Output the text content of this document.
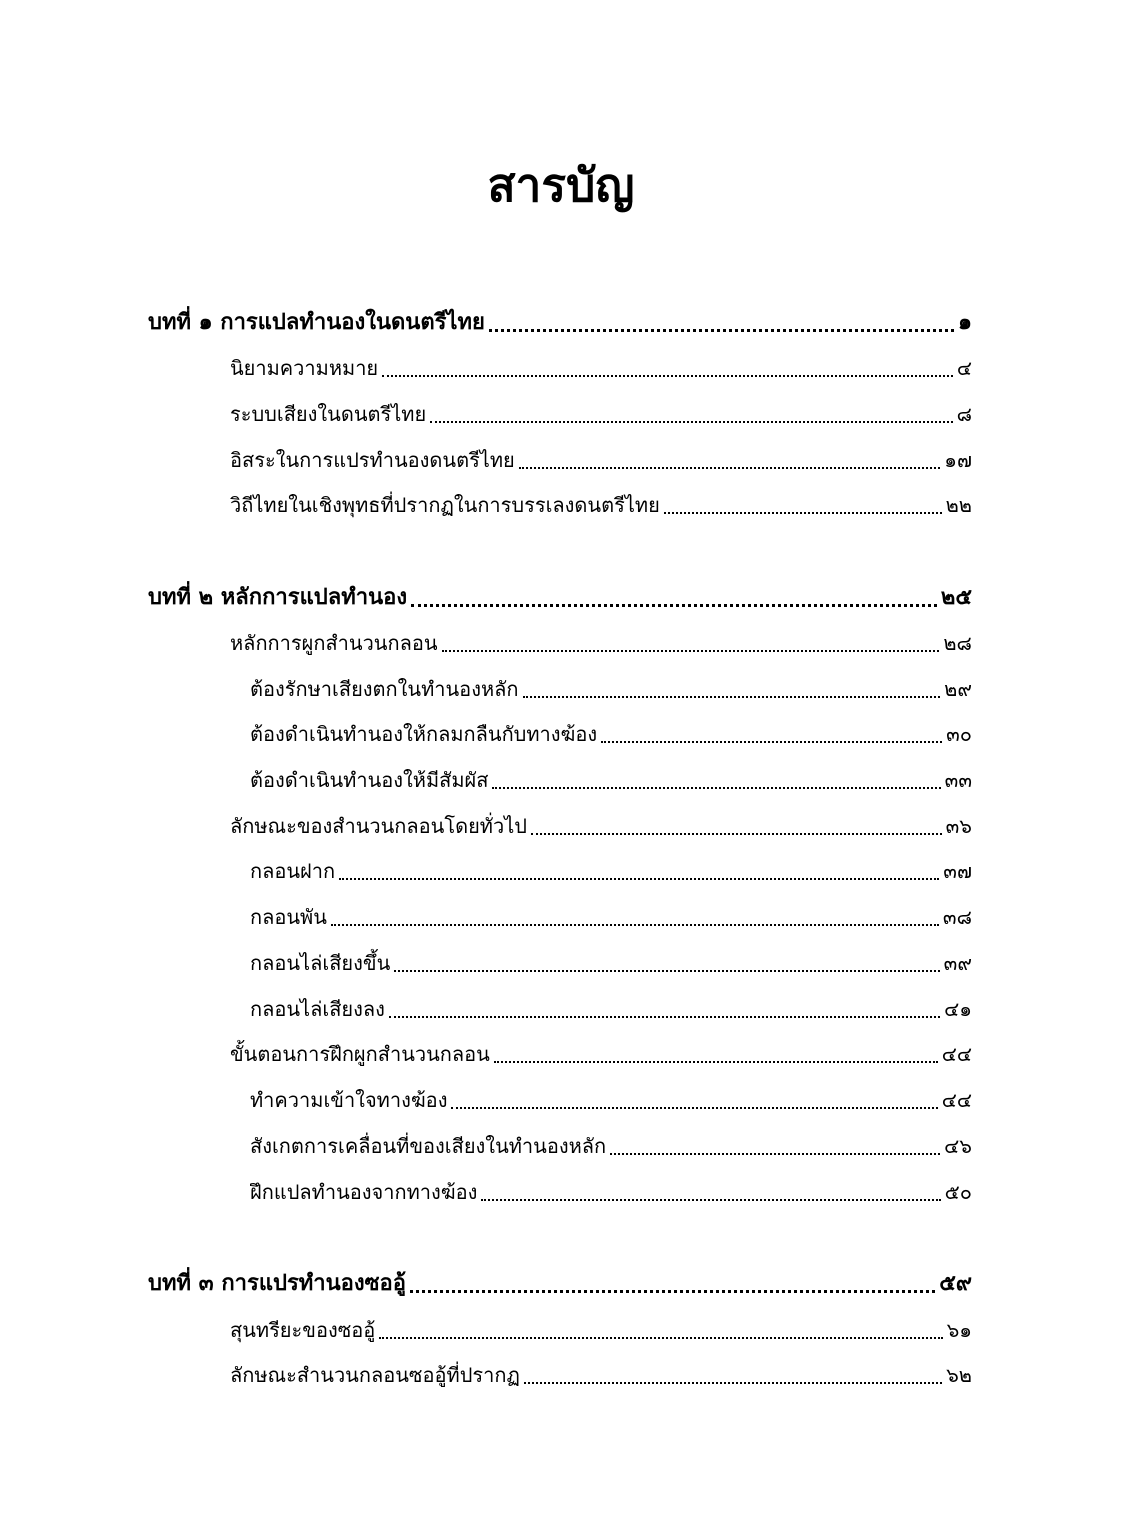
สารบัญ
บทที่ ๑ การแปลทำนองในดนตรีไทย	๑
นิยามความหมาย	๔
ระบบเสียงในดนตรีไทย	๘
อิสระในการแปรทำนองดนตรีไทย	๑๗
วิถีไทยในเชิงพุทธที่ปรากฏในการบรรเลงดนตรีไทย	๒๒
บทที่ ๒ หลักการแปลทำนอง	๒๕
หลักการผูกสำนวนกลอน	๒๘
ต้องรักษาเสียงตกในทำนองหลัก	๒๙
ต้องดำเนินทำนองให้กลมกลืนกับทางฆ้อง	๓๐
ต้องดำเนินทำนองให้มีสัมผัส	๓๓
ลักษณะของสำนวนกลอนโดยทั่วไป	๓๖
กลอนฝาก	๓๗
กลอนพัน	๓๘
กลอนไล่เสียงขึ้น	๓๙
กลอนไล่เสียงลง	๔๑
ขั้นตอนการฝึกผูกสำนวนกลอน	๔๔
ทำความเข้าใจทางฆ้อง	๔๔
สังเกตการเคลื่อนที่ของเสียงในทำนองหลัก	๔๖
ฝึกแปลทำนองจากทางฆ้อง	๕๐
บทที่ ๓ การแปรทำนองซออู้	๕๙
สุนทรียะของซออู้	๖๑
ลักษณะสำนวนกลอนซออู้ที่ปรากฏ	๖๒
